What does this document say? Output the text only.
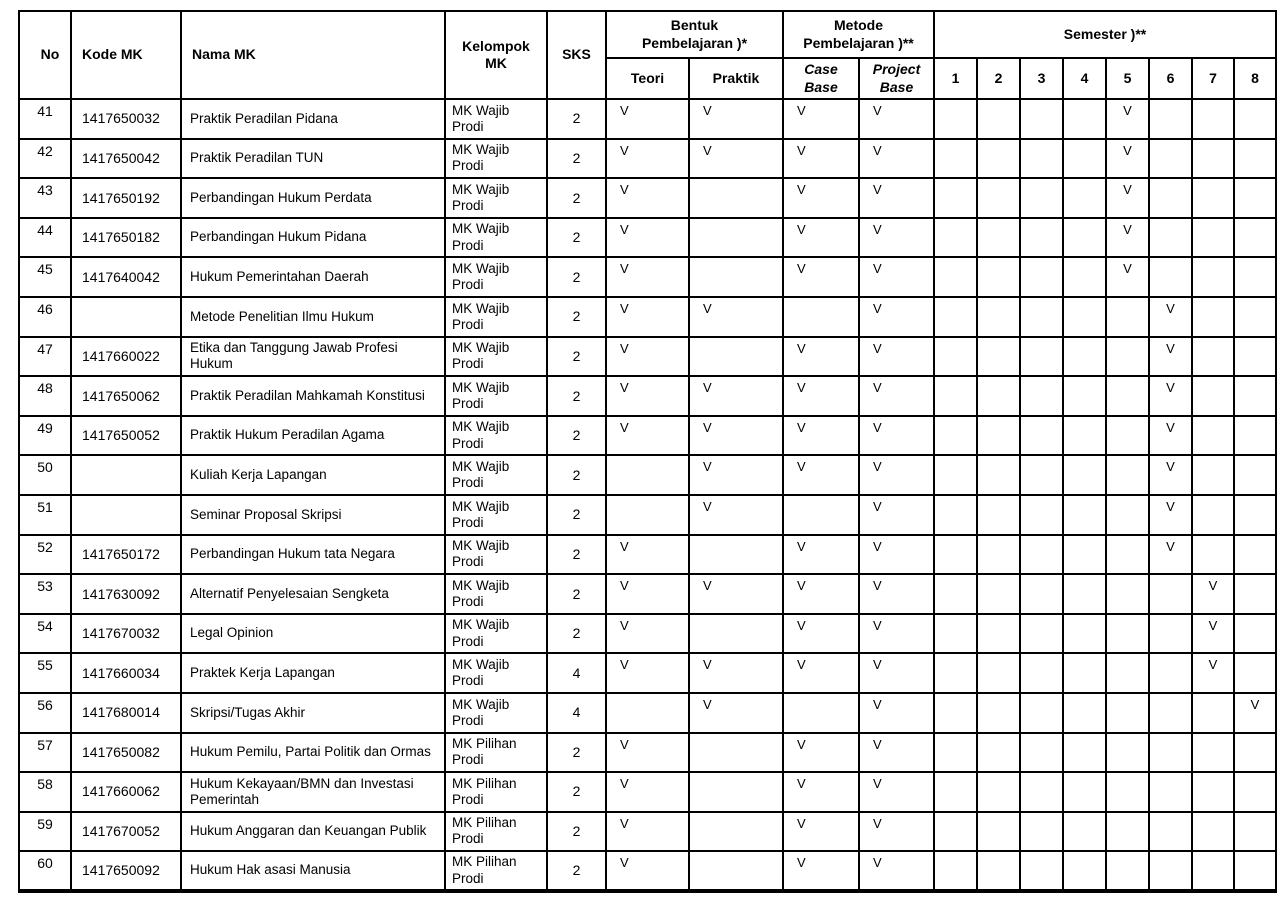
No	Kode MK	Nama MK	Kelompok MK	SKS	Bentuk Pembelajaran )*		Metode Pembelajaran )**		Semester )**							
					Teori	Praktik	Case Base	Project Base	1	2	3	4	5	6	7	8
41	1417650032	Praktik Peradilan Pidana	MK Wajib Prodi	2	V	V	V	V					V			
42	1417650042	Praktik Peradilan TUN	MK Wajib Prodi	2	V	V	V	V					V			
43	1417650192	Perbandingan Hukum Perdata	MK Wajib Prodi	2	V		V	V					V			
44	1417650182	Perbandingan Hukum Pidana	MK Wajib Prodi	2	V		V	V					V			
45	1417640042	Hukum Pemerintahan Daerah	MK Wajib Prodi	2	V		V	V					V			
46		Metode Penelitian Ilmu Hukum	MK Wajib Prodi	2	V	V		V						V		
47	1417660022	Etika dan Tanggung Jawab Profesi Hukum	MK Wajib Prodi	2	V		V	V						V		
48	1417650062	Praktik Peradilan Mahkamah Konstitusi	MK Wajib Prodi	2	V	V	V	V						V		
49	1417650052	Praktik Hukum Peradilan Agama	MK Wajib Prodi	2	V	V	V	V						V		
50		Kuliah Kerja Lapangan	MK Wajib Prodi	2		V	V	V						V		
51		Seminar Proposal Skripsi	MK Wajib Prodi	2		V		V						V		
52	1417650172	Perbandingan Hukum tata Negara	MK Wajib Prodi	2	V		V	V						V		
53	1417630092	Alternatif Penyelesaian Sengketa	MK Wajib Prodi	2	V	V	V	V							V	
54	1417670032	Legal Opinion	MK Wajib Prodi	2	V		V	V							V	
55	1417660034	Praktek Kerja Lapangan	MK Wajib Prodi	4	V	V	V	V							V	
56	1417680014	Skripsi/Tugas Akhir	MK Wajib Prodi	4		V		V								V
57	1417650082	Hukum Pemilu, Partai Politik dan Ormas	MK Pilihan Prodi	2	V		V	V								
58	1417660062	Hukum Kekayaan/BMN dan Investasi Pemerintah	MK Pilihan Prodi	2	V		V	V								
59	1417670052	Hukum Anggaran dan Keuangan Publik	MK Pilihan Prodi	2	V		V	V								
60	1417650092	Hukum Hak asasi Manusia	MK Pilihan Prodi	2	V		V	V								
